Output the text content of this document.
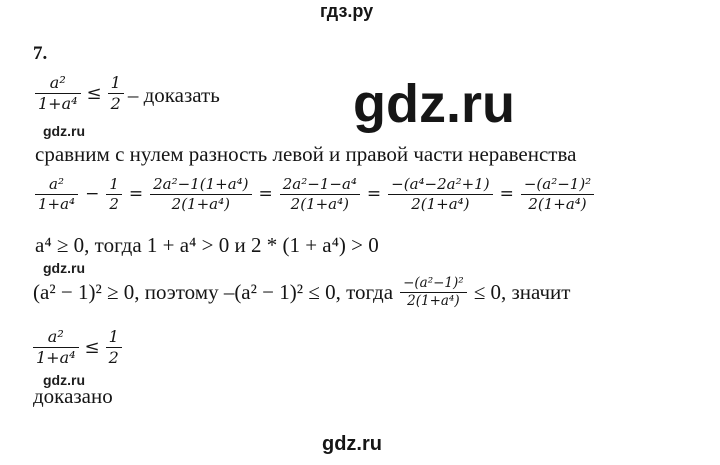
гдз.ру
gdz.ru
gdz.ru
gdz.ru
gdz.ru
gdz.ru
7.
$\frac{\text{a²}}{\text{1+a⁴}} \le \frac{1}{2}$ – доказать
сравним с нулем разность левой и правой части неравенства
$\frac{\text{a²}}{\text{1+a⁴}} - \frac{1}{2} = \frac{\text{2a²−1(1+a⁴)}}{\text{2(1+a⁴)}} = \frac{\text{2a²−1−a⁴}}{\text{2(1+a⁴)}} = \frac{\text{−(a⁴−2a²+1)}}{\text{2(1+a⁴)}} = \frac{\text{−(a²−1)²}}{\text{2(1+a⁴)}}$
a⁴ ≥ 0, тогда 1 + a⁴ > 0 и 2 * (1 + a⁴) > 0
(a² − 1)² ≥ 0, поэтому –(a² − 1)² ≤ 0, тогда $\frac{\text{−(a²−1)²}}{\text{2(1+a⁴)}} \le 0$, значит
$\frac{\text{a²}}{\text{1+a⁴}} \le \frac{1}{2}$
доказано
